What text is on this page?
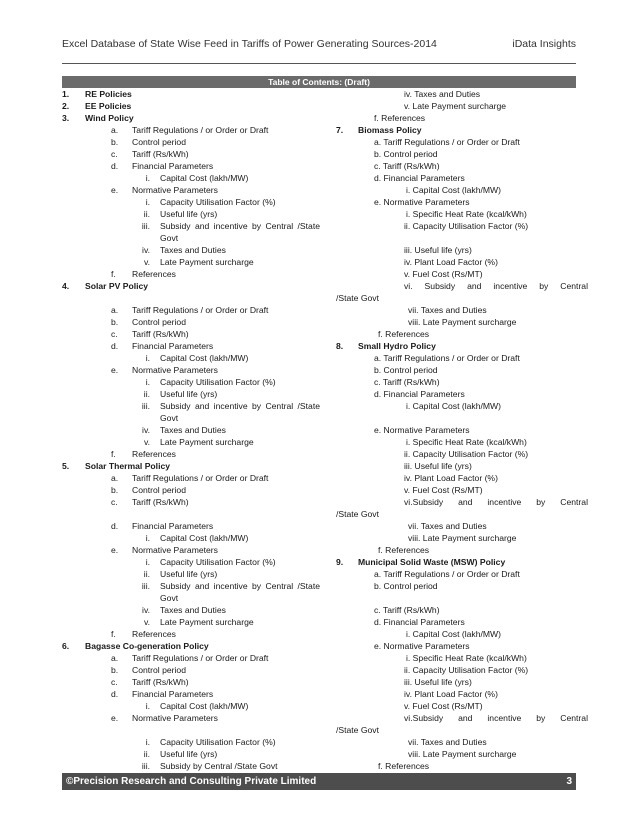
Excel Database of State Wise Feed in Tariffs of Power Generating Sources-2014	iData Insights
Table of Contents: (Draft)
1. RE Policies
2. EE Policies
3. Wind Policy
a. Tariff Regulations / or Order or Draft
b. Control period
c. Tariff (Rs/kWh)
d. Financial Parameters
i. Capital Cost (lakh/MW)
e. Normative Parameters
i. Capacity Utilisation Factor (%)
ii. Useful life (yrs)
iii. Subsidy and incentive by Central /State
Govt
iv. Taxes and Duties
v. Late Payment surcharge
f. References
4. Solar PV Policy
a. Tariff Regulations / or Order or Draft
b. Control period
c. Tariff (Rs/kWh)
d. Financial Parameters
i. Capital Cost (lakh/MW)
e. Normative Parameters
i. Capacity Utilisation Factor (%)
ii. Useful life (yrs)
iii. Subsidy and incentive by Central /State
Govt
iv. Taxes and Duties
v. Late Payment surcharge
f. References
5. Solar Thermal Policy
a. Tariff Regulations / or Order or Draft
b. Control period
c. Tariff (Rs/kWh)
d. Financial Parameters
i. Capital Cost (lakh/MW)
e. Normative Parameters
i. Capacity Utilisation Factor (%)
ii. Useful life (yrs)
iii. Subsidy and incentive by Central /State
Govt
iv. Taxes and Duties
v. Late Payment surcharge
f. References
6. Bagasse Co-generation Policy
a. Tariff Regulations / or Order or Draft
b. Control period
c. Tariff (Rs/kWh)
d. Financial Parameters
i. Capital Cost (lakh/MW)
e. Normative Parameters
i. Capacity Utilisation Factor (%)
ii. Useful life (yrs)
iii. Subsidy by Central /State Govt
iv. Taxes and Duties
v. Late Payment surcharge
f. References
7. Biomass Policy
a. Tariff Regulations / or Order or Draft
b. Control period
c. Tariff (Rs/kWh)
d. Financial Parameters
i. Capital Cost (lakh/MW)
e. Normative Parameters
i. Specific Heat Rate (kcal/kWh)
ii. Capacity Utilisation Factor (%)
iii. Useful life (yrs)
iv. Plant Load Factor (%)
v. Fuel Cost (Rs/MT)
vi. Subsidy and incentive by Central
/State Govt
vii. Taxes and Duties
viii. Late Payment surcharge
f. References
8. Small Hydro Policy
a. Tariff Regulations / or Order or Draft
b. Control period
c. Tariff (Rs/kWh)
d. Financial Parameters
i. Capital Cost (lakh/MW)
e. Normative Parameters
i. Specific Heat Rate (kcal/kWh)
ii. Capacity Utilisation Factor (%)
iii. Useful life (yrs)
iv. Plant Load Factor (%)
v. Fuel Cost (Rs/MT)
vi.Subsidy and incentive by Central
/State Govt
vii. Taxes and Duties
viii. Late Payment surcharge
f. References
9. Municipal Solid Waste (MSW) Policy
a. Tariff Regulations / or Order or Draft
b. Control period
c. Tariff (Rs/kWh)
d. Financial Parameters
i. Capital Cost (lakh/MW)
e. Normative Parameters
i. Specific Heat Rate (kcal/kWh)
ii. Capacity Utilisation Factor (%)
iii. Useful life (yrs)
iv. Plant Load Factor (%)
v. Fuel Cost (Rs/MT)
vi.Subsidy and incentive by Central
/State Govt
vii. Taxes and Duties
viii. Late Payment surcharge
f. References
©Precision Research and Consulting Private Limited	3
